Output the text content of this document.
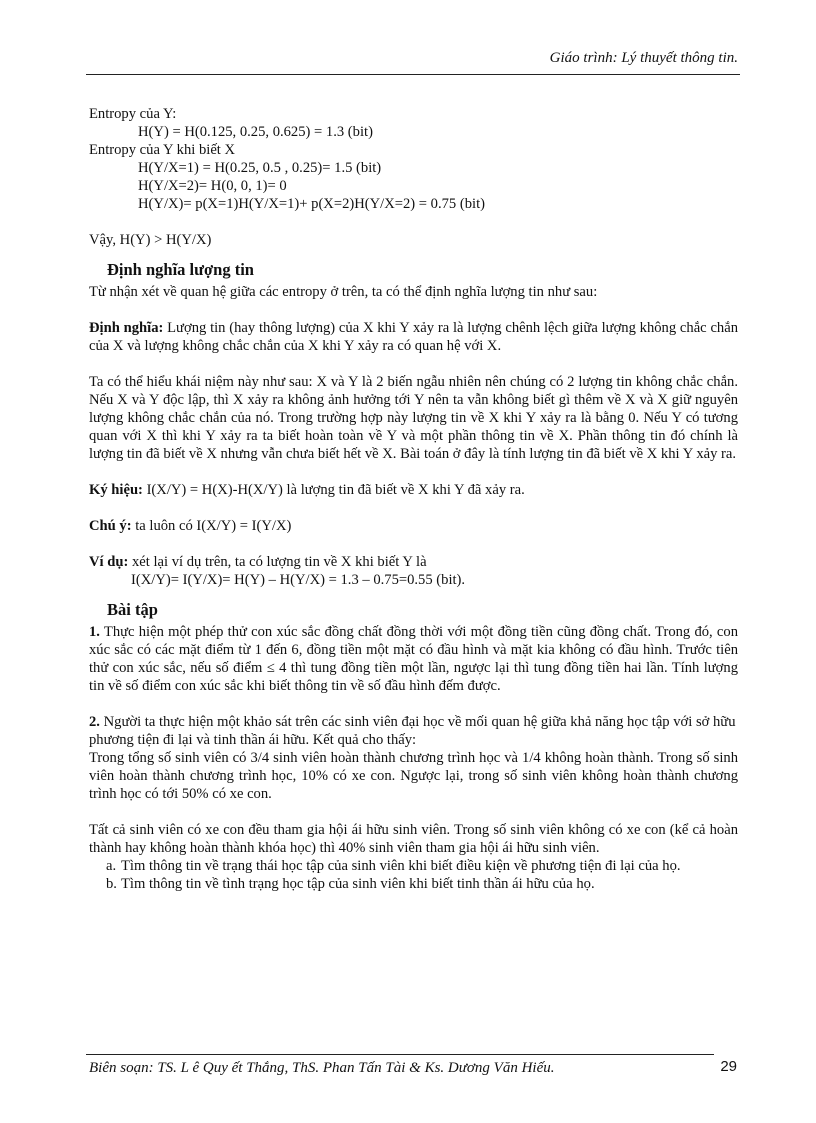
Giáo trình: Lý thuyết thông tin.
Entropy của Y:
H(Y) = H(0.125, 0.25, 0.625) = 1.3 (bit)
Entropy của Y khi biết X
H(Y/X=1) = H(0.25, 0.5 , 0.25)= 1.5 (bit)
H(Y/X=2)= H(0, 0, 1)= 0
H(Y/X)= p(X=1)H(Y/X=1)+ p(X=2)H(Y/X=2) = 0.75 (bit)
Vậy, H(Y) > H(Y/X)
Định nghĩa lượng tin

Từ nhận xét về quan hệ giữa các entropy ở trên, ta có thể định nghĩa lượng tin như sau:

Định nghĩa: Lượng tin (hay thông lượng) của X khi Y xảy ra là lượng chênh lệch giữa lượng không chắc chắn của X và lượng không chắc chắn của X khi Y xảy ra có quan hệ với X.

Ta có thể hiểu khái niệm này như sau: X và Y là 2 biến ngẫu nhiên nên chúng có 2 lượng tin không chắc chắn. Nếu X và Y độc lập, thì X xảy ra không ảnh hưởng tới Y nên ta vẫn không biết gì thêm về X và X giữ nguyên lượng không chắc chắn của nó. Trong trường hợp này lượng tin về X khi Y xảy ra là bằng 0. Nếu Y có tương quan với X thì khi Y xảy ra ta biết hoàn toàn về Y và một phần thông tin về X. Phần thông tin đó chính là lượng tin đã biết về X nhưng vẫn chưa biết hết về X. Bài toán ở đây là tính lượng tin đã biết về X khi Y xảy ra.

Ký hiệu: I(X/Y) = H(X)-H(X/Y) là lượng tin đã biết về X khi Y đã xảy ra.

Chú ý: ta luôn có I(X/Y) = I(Y/X)

Ví dụ: xét lại ví dụ trên, ta có lượng tin về X khi biết Y là

I(X/Y)= I(Y/X)= H(Y) – H(Y/X) = 1.3 – 0.75=0.55 (bit).
Bài tập

1. Thực hiện một phép thử con xúc sắc đồng chất đồng thời với một đồng tiền cũng đồng chất. Trong đó, con xúc sắc có các mặt điểm từ 1 đến 6, đồng tiền một mặt có đầu hình và mặt kia không có đầu hình. Trước tiên thử con xúc sắc, nếu số điểm ≤ 4 thì tung đồng tiền một lần, ngược lại thì tung đồng tiền hai lần. Tính lượng tin về số điểm con xúc sắc khi biết thông tin về số đầu hình đếm được.

2. Người ta thực hiện một khảo sát trên các sinh viên đại học về mối quan hệ giữa khả năng học tập với sở hữu phương tiện đi lại và tinh thần ái hữu. Kết quả cho thấy:

Trong tổng số sinh viên có 3/4 sinh viên hoàn thành chương trình học và 1/4 không hoàn thành. Trong số sinh viên hoàn thành chương trình học, 10% có xe con. Ngược lại, trong số sinh viên không hoàn thành chương trình học có tới 50% có xe con.

Tất cả sinh viên có xe con đều tham gia hội ái hữu sinh viên. Trong số sinh viên không có xe con (kể cả hoàn thành hay không hoàn thành khóa học) thì 40% sinh viên tham gia hội ái hữu sinh viên.

a. Tìm thông tin về trạng thái học tập của sinh viên khi biết điều kiện về phương tiện đi lại của họ.
b. Tìm thông tin về tình trạng học tập của sinh viên khi biết tinh thần ái hữu của họ.
Biên soạn: TS. L ê Quy ết Thắng, ThS. Phan Tấn Tài & Ks. Dương Văn Hiếu.	29
